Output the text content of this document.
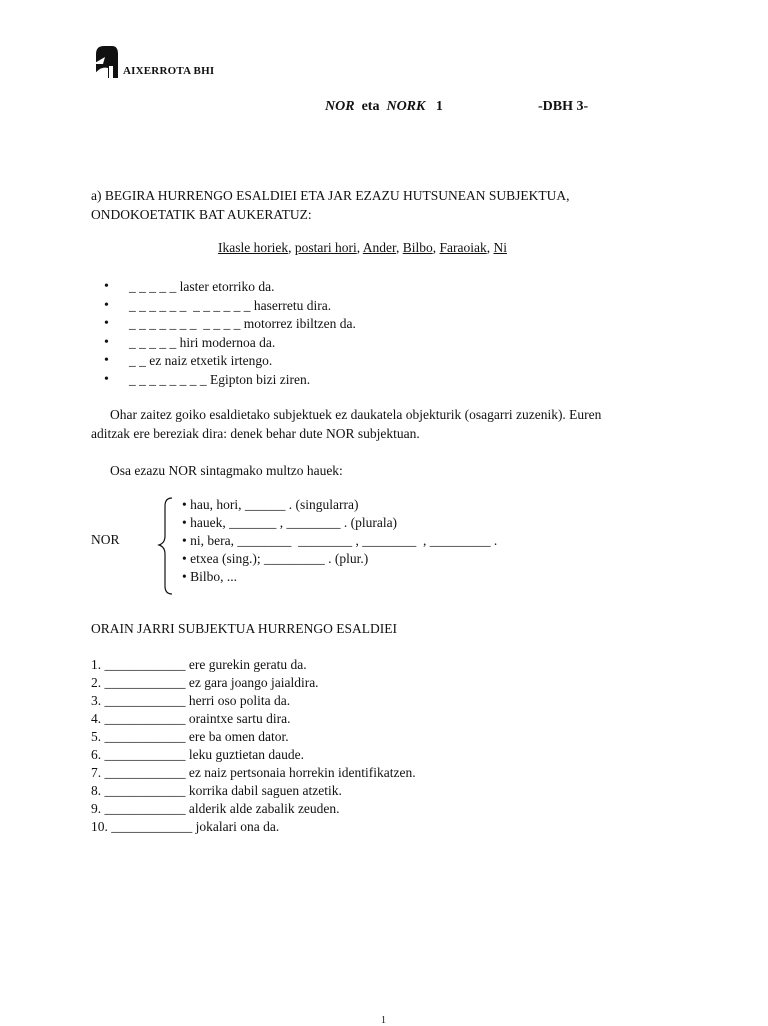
AIXERROTA BHI
NOR eta NORK 1	-DBH 3-
a) BEGIRA HURRENGO ESALDIEI ETA JAR EZAZU HUTSUNEAN SUBJEKTUA,
ONDOKOETATIK BAT AUKERATUZ:
Ikasle horiek, postari hori, Ander, Bilbo, Faraoiak, Ni
• _ _ _ _ _ laster etorriko da.
• _ _ _ _ _ _  _ _ _ _ _ _ haserretu dira.
• _ _ _ _ _ _ _  _ _ _ _ motorrez ibiltzen da.
• _ _ _ _ _ hiri modernoa da.
• _ _ ez naiz etxetik irtengo.
• _ _ _ _ _ _ _ _ Egipton bizi ziren.
Ohar zaitez goiko esaldietako subjektuek ez daukatela objekturik (osagarri zuzenik). Euren
aditzak ere bereziak dira: denek behar dute NOR subjektuan.
Osa ezazu NOR sintagmako multzo hauek:
NOR
• hau, hori, ______ . (singularra)
• hauek, _______ , ________ . (plurala)
• ni, bera, ________  ________ , ________  , _________ .
• etxea (sing.); _________ . (plur.)
• Bilbo, ...
ORAIN JARRI SUBJEKTUA HURRENGO ESALDIEI
1. ____________ ere gurekin geratu da.
2. ____________ ez gara joango jaialdira.
3. ____________ herri oso polita da.
4. ____________ oraintxe sartu dira.
5. ____________ ere ba omen dator.
6. ____________ leku guztietan daude.
7. ____________ ez naiz pertsonaia horrekin identifikatzen.
8. ____________ korrika dabil saguen atzetik.
9. ____________ alderik alde zabalik zeuden.
10. ____________ jokalari ona da.
1
